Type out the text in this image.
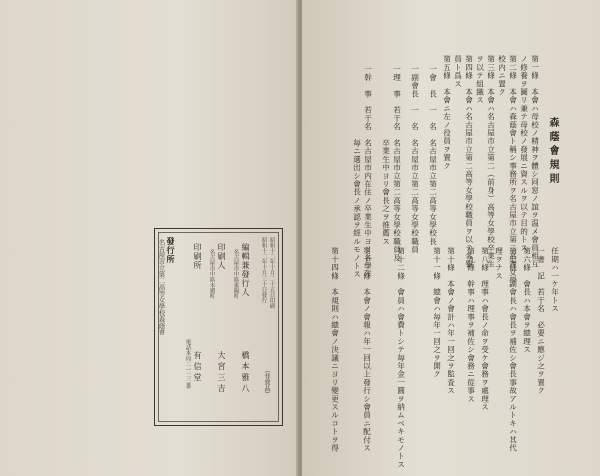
昭和十二年十月二十五日印刷
昭和十二年十月三十日發行
（非賣品）
編輯兼發行人
橋本雅八
名古屋市中區東陽町
印刷人
大宮三吉
名古屋市中區末廣町
印刷所
有信堂
電話本局二一二三番
發行所
名古屋市立第二高等女學校森蔭會
森蔭會規則
第一條　本會ハ母校ノ精神ヲ體シ同窓ノ誼ヲ温メ會員相互
ノ修養ヲ圖リ兼テ母校ノ發展ニ資スルヲ以テ目的トス
第二條　本會ハ森蔭會ト稱シ事務所ヲ名古屋市立第二高等女學
校内ニ置ク
第三條　本會ハ名古屋市立第二（前身）高等女學校卒業生
ヲ以テ組織ス
第四條　本會ハ名古屋市立第二高等女學校職員ヲ以テ名譽
員ト爲ス
第五條　本會ニ左ノ役員ヲ置ク
一會　長　一　名　名古屋市立第二高等女學校長
一副會長　一　名　名古屋市立第二高等女學校職員
一理　事　若干名　名古屋市立第二高等女學校職員及
　　　　　　　　　卒業生中ヨリ會長之ヲ推薦ス
一幹　事　若干名　名古屋市内在住ノ卒業生中ヨリ各學年
　　　　　　　　　毎ニ選出シ會長ノ承認ヲ經ルモノトス
任期ハ一ケ年トス
一書　記　若干名　必要ニ應ジ之ヲ置ク
第六條　會長ハ本會ヲ總理ス
第七條　副會長ハ會長ヲ補佐シ會長事故アルトキハ其代
理ヲナス
第八條　理事ハ會長ノ命ヲ受ケ會務ヲ處理ス
第九條　幹事ハ理事ヲ補佐シ會務ニ從事ス
第十條　本會ノ會計ハ年一回之ヲ監査ス
第十一條　總會ハ毎年一回之ヲ開ク
第十二條　會員ハ會費トシテ毎年金一圓ヲ納ムベキモノトス
第十三條　本會ノ會報ハ年一回以上發行シ會員ニ配付ス
第十四條　本規則ハ總會ノ決議ニヨリ變更スルコトヲ得
